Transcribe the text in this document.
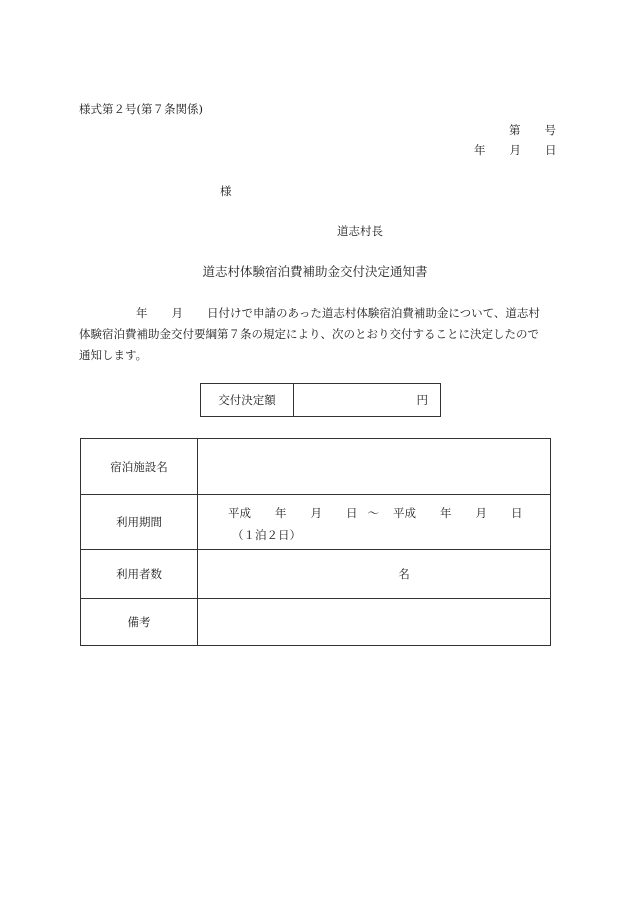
様式第２号(第７条関係)
第 号
年 月 日
様
道志村長
道志村体験宿泊費補助金交付決定通知書
年 月 日付けで申請のあった道志村体験宿泊費補助金について、道志村
体験宿泊費補助金交付要綱第７条の規定により、次のとおり交付することに決定したので
通知します。
交付決定額	円
宿泊施設名	
利用期間	平成 年 月 日 ～ 平成 年 月 日
（１泊２日）

利用者数	名
備考	
